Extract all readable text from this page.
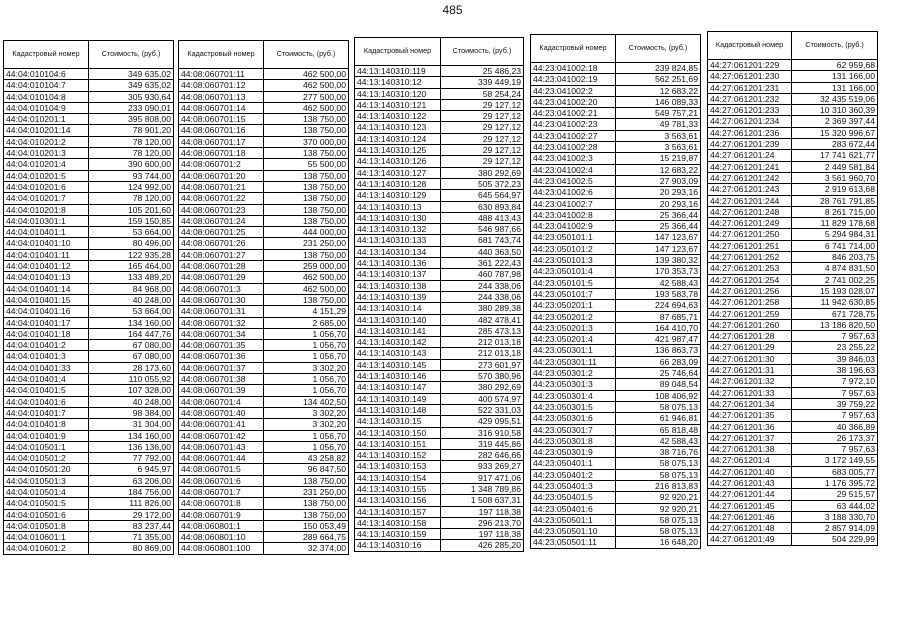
485
Кадастровый номер	Стоимость, (руб.)
44:04:010104:6	349 635,02
44:04:010104:7	349 635,02
44:04:010104:8	305 930,64
44:04:010104:9	233 090,01
44:04:010201:1	395 808,00
44:04:010201:14	78 901,20
44:04:010201:2	78 120,00
44:04:010201:3	78 120,00
44:04:010201:4	390 600,00
44:04:010201:5	93 744,00
44:04:010201:6	124 992,00
44:04:010201:7	78 120,00
44:04:010201:8	105 201,60
44:04:010301:1	159 150,85
44:04:010401:1	53 664,00
44:04:010401:10	80 496,00
44:04:010401:11	122 935,28
44:04:010401:12	165 464,00
44:04:010401:13	133 489,20
44:04:010401:14	84 968,00
44:04:010401:15	40 248,00
44:04:010401:16	53 664,00
44:04:010401:17	134 160,00
44:04:010401:18	164 447,76
44:04:010401:2	67 080,00
44:04:010401:3	67 080,00
44:04:010401:33	28 173,60
44:04:010401:4	110 055,92
44:04:010401:5	107 328,00
44:04:010401:6	40 248,00
44:04:010401:7	98 384,00
44:04:010401:8	31 304,00
44:04:010401:9	134 160,00
44:04:010501:1	136 136,00
44:04:010501:2	77 792,00
44:04:010501:20	6 945,97
44:04:010501:3	63 206,00
44:04:010501:4	184 756,00
44:04:010501:5	111 826,00
44:04:010501:6	29 172,00
44:04:010501:8	83 237,44
44:04:010601:1	71 355,00
44:04:010601:2	80 869,00
Кадастровый номер	Стоимость, (руб.)
44:08:060701:11	462 500,00
44:08:060701:12	462 500,00
44:08:060701:13	277 500,00
44:08:060701:14	462 500,00
44:08:060701:15	138 750,00
44:08:060701:16	138 750,00
44:08:060701:17	370 000,00
44:08:060701:18	138 750,00
44:08:060701:2	55 500,00
44:08:060701:20	138 750,00
44:08:060701:21	138 750,00
44:08:060701:22	138 750,00
44:08:060701:23	138 750,00
44:08:060701:24	138 750,00
44:08:060701:25	444 000,00
44:08:060701:26	231 250,00
44:08:060701:27	138 750,00
44:08:060701:28	259 000,00
44:08:060701:29	462 500,00
44:08:060701:3	462 500,00
44:08:060701:30	138 750,00
44:08:060701:31	4 151,29
44:08:060701:32	2 685,00
44:08:060701:34	1 056,70
44:08:060701:35	1 056,70
44:08:060701:36	1 056,70
44:08:060701:37	3 302,20
44:08:060701:38	1 056,70
44:08:060701:39	1 056,70
44:08:060701:4	134 402,50
44:08:060701:40	3 302,20
44:08:060701:41	3 302,20
44:08:060701:42	1 056,70
44:08:060701:43	1 056,70
44:08:060701:44	43 258,82
44:08:060701:5	96 847,50
44:08:060701:6	138 750,00
44:08:060701:7	231 250,00
44:08:060701:8	138 750,00
44:08:060701:9	138 750,00
44:08:060801:1	150 053,49
44:08:060801:10	289 664,75
44:08:060801:100	32 374,00
Кадастровый номер	Стоимость, (руб.)
44:13:140310:119	25 486,23
44:13:140310:12	339 449,19
44:13:140310:120	58 254,24
44:13:140310:121	29 127,12
44:13:140310:122	29 127,12
44:13:140310:123	29 127,12
44:13:140310:124	29 127,12
44:13:140310:125	29 127,12
44:13:140310:126	29 127,12
44:13:140310:127	380 292,69
44:13:140310:128	505 372,23
44:13:140310:129	645 564,97
44:13:140310:13	630 893,84
44:13:140310:130	488 413,43
44:13:140310:132	546 987,66
44:13:140310:133	681 743,74
44:13:140310:134	440 363,50
44:13:140310:136	361 222,43
44:13:140310:137	460 787,98
44:13:140310:138	244 338,06
44:13:140310:139	244 338,06
44:13:140310:14	380 289,38
44:13:140310:140	482 478,41
44:13:140310:141	285 473,13
44:13:140310:142	212 013,18
44:13:140310:143	212 013,18
44:13:140310:145	273 601,97
44:13:140310:146	570 380,96
44:13:140310:147	380 292,69
44:13:140310:149	400 574,97
44:13:140310:148	522 331,03
44:13:140310:15	429 095,51
44:13:140310:150	316 910,58
44:13:140310:151	319 445,86
44:13:140310:152	282 646,66
44:13:140310:153	933 269,27
44:13:140310:154	917 471,06
44:13:140310:155	1 348 789,86
44:13:140310:156	1 508 637,31
44:13:140310:157	197 118,38
44:13:140310:158	296 213,70
44:13:140310:159	197 118,38
44:13:140310:16	426 285,20
Кадастровый номер	Стоимость, (руб.)
44:23:041002:18	239 824,85
44:23:041002:19	562 251,69
44:23:041002:2	12 683,22
44:23:041002:20	146 089,33
44:23:041002:21	549 757,21
44:23:041002:23	49 781,33
44:23:041002:27	3 563,61
44:23:041002:28	3 563,61
44:23:041002:3	15 219,87
44:23:041002:4	12 683,22
44:23:041002:5	27 903,09
44:23:041002:6	20 293,16
44:23:041002:7	20 293,16
44:23:041002:8	25 366,44
44:23:041002:9	25 366,44
44:23:050101:1	147 123,67
44:23:050101:2	147 123,67
44:23:050101:3	139 380,32
44:23:050101:4	170 353,73
44:23:050101:5	42 588,43
44:23:050101:7	193 583,78
44:23:050201:1	224 694,63
44:23:050201:2	87 685,71
44:23:050201:3	164 410,70
44:23:050201:4	421 987,47
44:23:050301:1	136 863,73
44:23:050301:11	66 283,09
44:23:050301:2	25 746,64
44:23:050301:3	89 048,54
44:23:050301:4	108 406,92
44:23:050301:5	58 075,13
44:23:050301:6	61 946,81
44:23:050301:7	65 818,48
44:23:050301:8	42 588,43
44:23:050301:9	38 716,76
44:23:050401:1	58 075,13
44:23:050401:2	58 075,13
44:23:050401:3	216 813,83
44:23:050401:5	92 920,21
44:23:050401:6	92 920,21
44:23:050501:1	58 075,13
44:23:050501:10	58 075,13
44:23:050501:11	16 648,20
Кадастровый номер	Стоимость, (руб.)
44:27:061201:229	62 959,68
44:27:061201:230	131 166,00
44:27:061201:231	131 166,00
44:27:061201:232	32 435 519,06
44:27:061201:233	10 310 360,39
44:27:061201:234	2 369 397,44
44:27:061201:236	15 320 996,67
44:27:061201:239	283 672,44
44:27:061201:24	17 741 621,77
44:27:061201:241	2 449 581,84
44:27:061201:242	3 561 960,70
44:27:061201:243	2 919 613,68
44:27:061201:244	28 761 791,85
44:27:061201:248	8 261 715,00
44:27:061201:249	11 829 178,68
44:27:061201:250	5 294 984,31
44:27:061201:251	6 741 714,00
44:27:061201:252	846 203,75
44:27:061201:253	4 874 831,50
44:27:061201:254	2 741 002,25
44:27:061201:256	15 193 028,07
44:27:061201:258	11 942 630,85
44:27:061201:259	671 728,75
44:27:061201:260	13 186 820,50
44:27:061201:28	7 957,63
44:27:061201:29	23 255,22
44:27:061201:30	39 846,03
44:27:061201:31	38 196,63
44:27:061201:32	7 972,10
44:27:061201:33	7 957,63
44:27:061201:34	39 759,22
44:27:061201:35	7 957,63
44:27:061201:36	40 366,89
44:27:061201:37	26 173,37
44:27:061201:38	7 957,63
44:27:061201:4	3 172 149,55
44:27:061201:40	683 005,77
44:27:061201:43	1 176 395,72
44:27:061201:44	29 515,57
44:27:061201:45	63 444,02
44:27:061201:46	3 188 330,70
44:27:061201:48	2 857 914,09
44:27:061201:49	504 229,99
